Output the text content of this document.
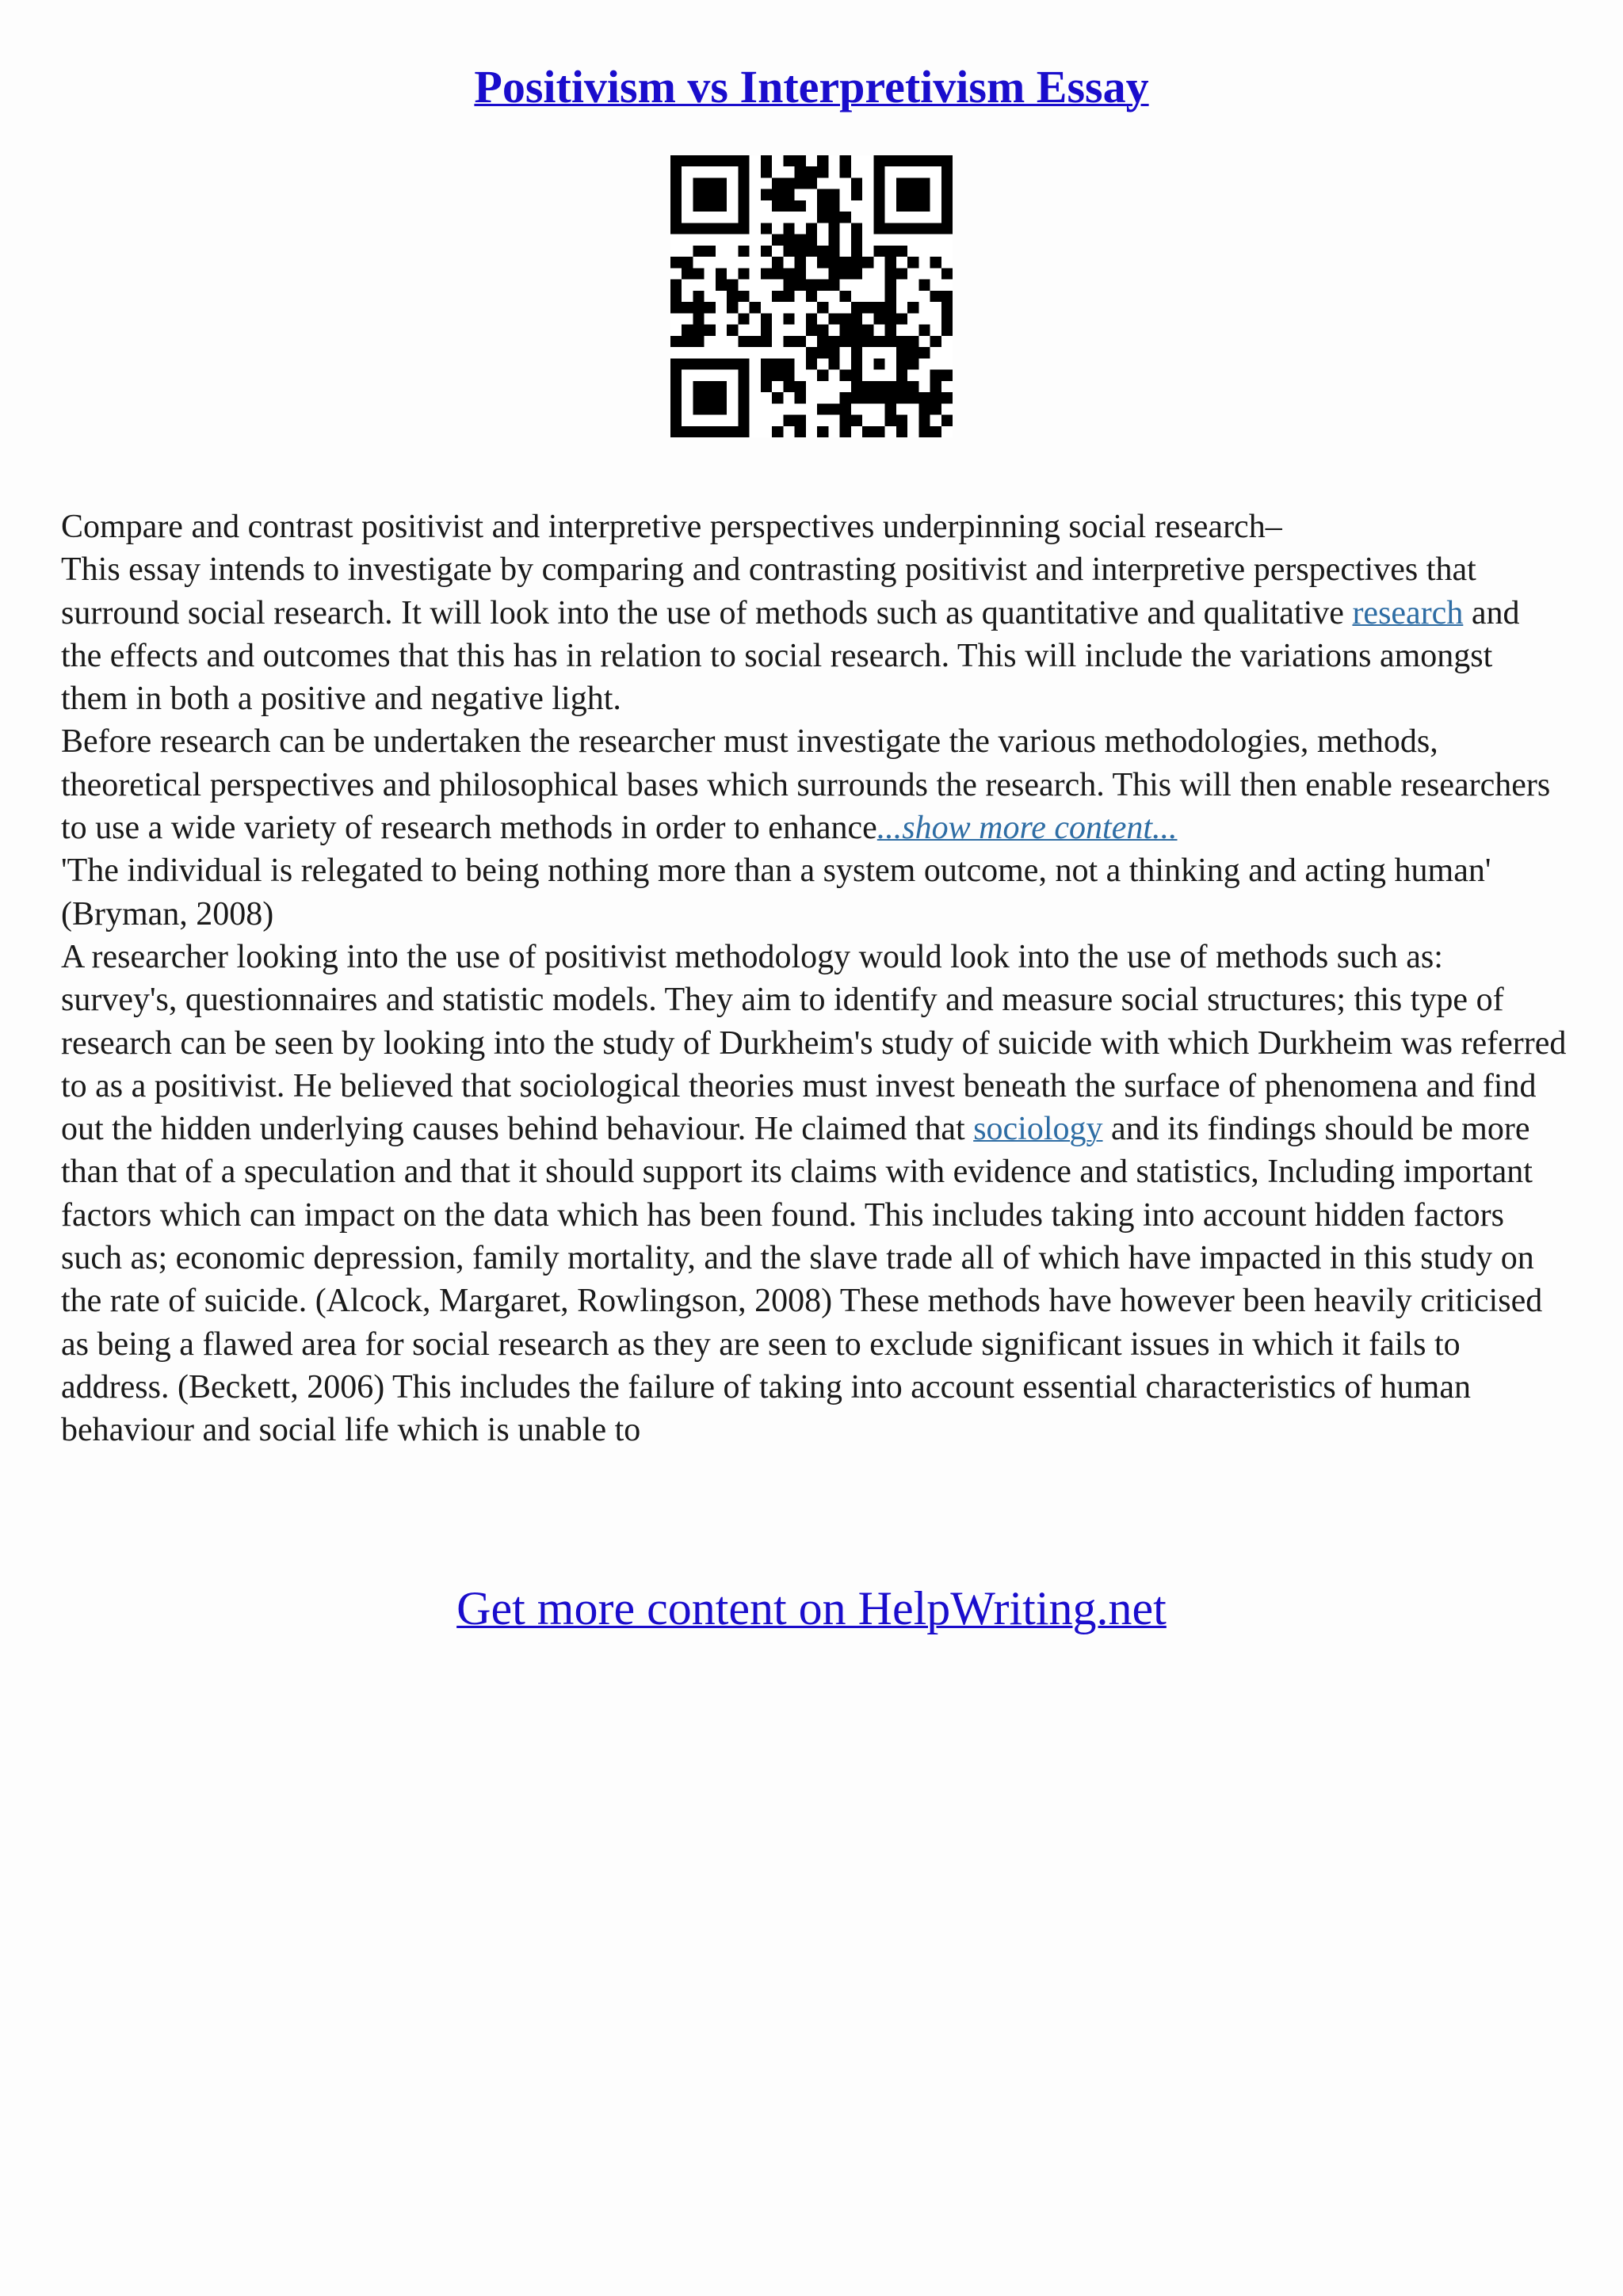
Positivism vs Interpretivism Essay

Compare and contrast positivist and interpretive perspectives underpinning social research–

This essay intends to investigate by comparing and contrasting positivist and interpretive perspectives that surround social research. It will look into the use of methods such as quantitative and qualitative research and the effects and outcomes that this has in relation to social research. This will include the variations amongst them in both a positive and negative light.

Before research can be undertaken the researcher must investigate the various methodologies, methods, theoretical perspectives and philosophical bases which surrounds the research. This will then enable researchers to use a wide variety of research methods in order to enhance...show more content...

'The individual is relegated to being nothing more than a system outcome, not a thinking and acting human' (Bryman, 2008)

A researcher looking into the use of positivist methodology would look into the use of methods such as: survey's, questionnaires and statistic models. They aim to identify and measure social structures; this type of research can be seen by looking into the study of Durkheim's study of suicide with which Durkheim was referred to as a positivist. He believed that sociological theories must invest beneath the surface of phenomena and find out the hidden underlying causes behind behaviour. He claimed that sociology and its findings should be more than that of a speculation and that it should support its claims with evidence and statistics, Including important factors which can impact on the data which has been found. This includes taking into account hidden factors such as; economic depression, family mortality, and the slave trade all of which have impacted in this study on the rate of suicide. (Alcock, Margaret, Rowlingson, 2008) These methods have however been heavily criticised as being a flawed area for social research as they are seen to exclude significant issues in which it fails to address. (Beckett, 2006) This includes the failure of taking into account essential characteristics of human behaviour and social life which is unable to

Get more content on HelpWriting.net
